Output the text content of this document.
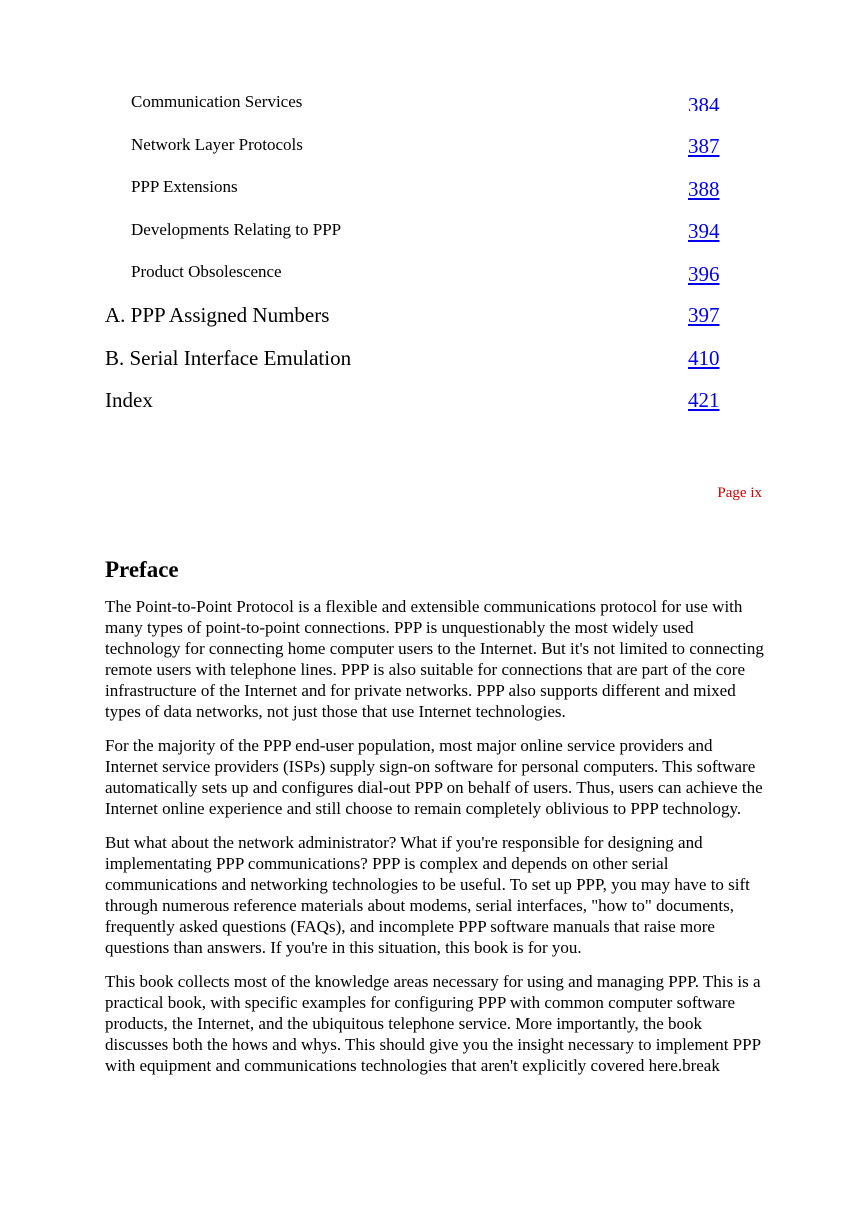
Communication Services	384
Network Layer Protocols	387
PPP Extensions	388
Developments Relating to PPP	394
Product Obsolescence	396
A. PPP Assigned Numbers	397
B. Serial Interface Emulation	410
Index	421
Page ix
Preface

The Point-to-Point Protocol is a flexible and extensible communications protocol for use with many types of point-to-point connections. PPP is unquestionably the most widely used technology for connecting home computer users to the Internet. But it's not limited to connecting remote users with telephone lines. PPP is also suitable for connections that are part of the core infrastructure of the Internet and for private networks. PPP also supports different and mixed types of data networks, not just those that use Internet technologies.

For the majority of the PPP end-user population, most major online service providers and Internet service providers (ISPs) supply sign-on software for personal computers. This software automatically sets up and configures dial-out PPP on behalf of users. Thus, users can achieve the Internet online experience and still choose to remain completely oblivious to PPP technology.

But what about the network administrator? What if you're responsible for designing and implementating PPP communications? PPP is complex and depends on other serial communications and networking technologies to be useful. To set up PPP, you may have to sift through numerous reference materials about modems, serial interfaces, "how to" documents, frequently asked questions (FAQs), and incomplete PPP software manuals that raise more questions than answers. If you're in this situation, this book is for you.

This book collects most of the knowledge areas necessary for using and managing PPP. This is a practical book, with specific examples for configuring PPP with common computer software products, the Internet, and the ubiquitous telephone service. More importantly, the book discusses both the hows and whys. This should give you the insight necessary to implement PPP with equipment and communications technologies that aren't explicitly covered here.break
